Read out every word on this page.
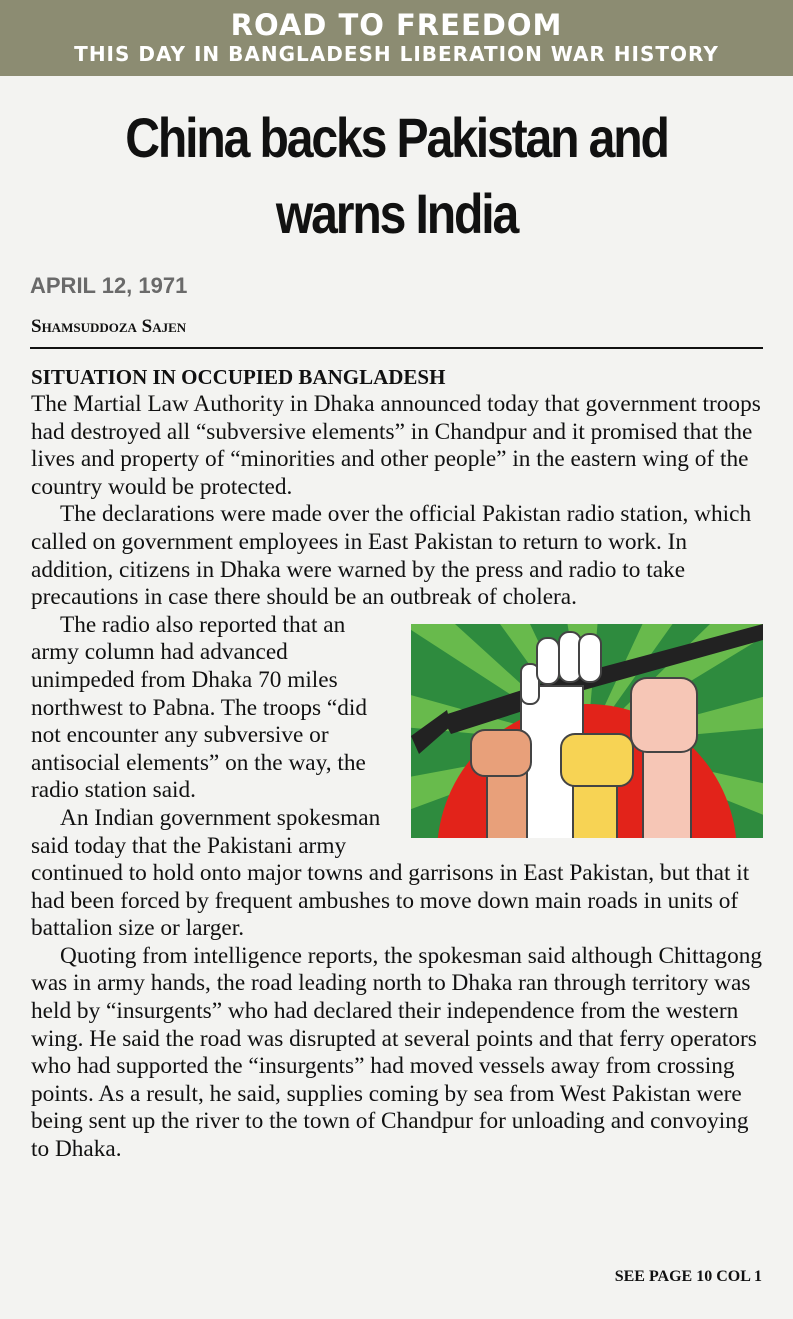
ROAD TO FREEDOM
THIS DAY IN BANGLADESH LIBERATION WAR HISTORY
China backs Pakistan and
warns India
APRIL 12, 1971
Shamsuddoza Sajen
SITUATION IN OCCUPIED BANGLADESH

The Martial Law Authority in Dhaka announced today that government troops had destroyed all “subversive elements” in Chandpur and it promised that the lives and property of “minorities and other people” in the eastern wing of the country would be protected.

The declarations were made over the official Pakistan radio station, which called on government employees in East Pakistan to return to work. In addition, citizens in Dhaka were warned by the press and radio to take precautions in case there should be an outbreak of cholera.

The radio also reported that an army column had advanced unimpeded from Dhaka 70 miles northwest to Pabna. The troops “did not encounter any subversive or antisocial elements” on the way, the radio station said.

An Indian government spokesman said today that the Pakistani army continued to hold onto major towns and garrisons in East Pakistan, but that it had been forced by frequent ambushes to move down main roads in units of battalion size or larger.

Quoting from intelligence reports, the spokesman said although Chittagong was in army hands, the road leading north to Dhaka ran through territory was held by “insurgents” who had declared their independence from the western wing. He said the road was disrupted at several points and that ferry operators who had supported the “insurgents” had moved vessels away from crossing points. As a result, he said, supplies coming by sea from West Pakistan were being sent up the river to the town of Chandpur for unloading and convoying to Dhaka.

SEE PAGE 10 COL 1
